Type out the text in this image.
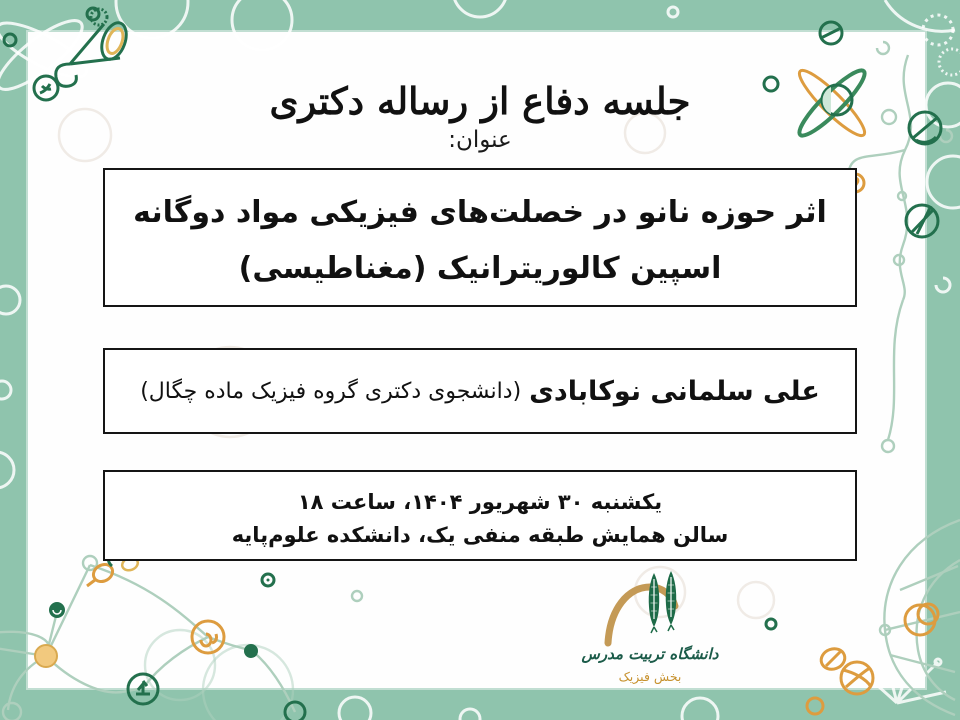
جلسه دفاع از رساله دکتری
عنوان:
اثر حوزه نانو در خصلت‌های فیزیکی مواد دوگانه
اسپین کالوریترانیک (مغناطیسی)
علی سلمانی نوکابادی
(دانشجوی دکتری گروه فیزیک ماده چگال)
یکشنبه ۳۰ شهریور ۱۴۰۴، ساعت ۱۸
سالن همایش طبقه منفی یک، دانشکده علوم‌پایه
دانشگاه تربیت مدرس
بخش فیزیک
